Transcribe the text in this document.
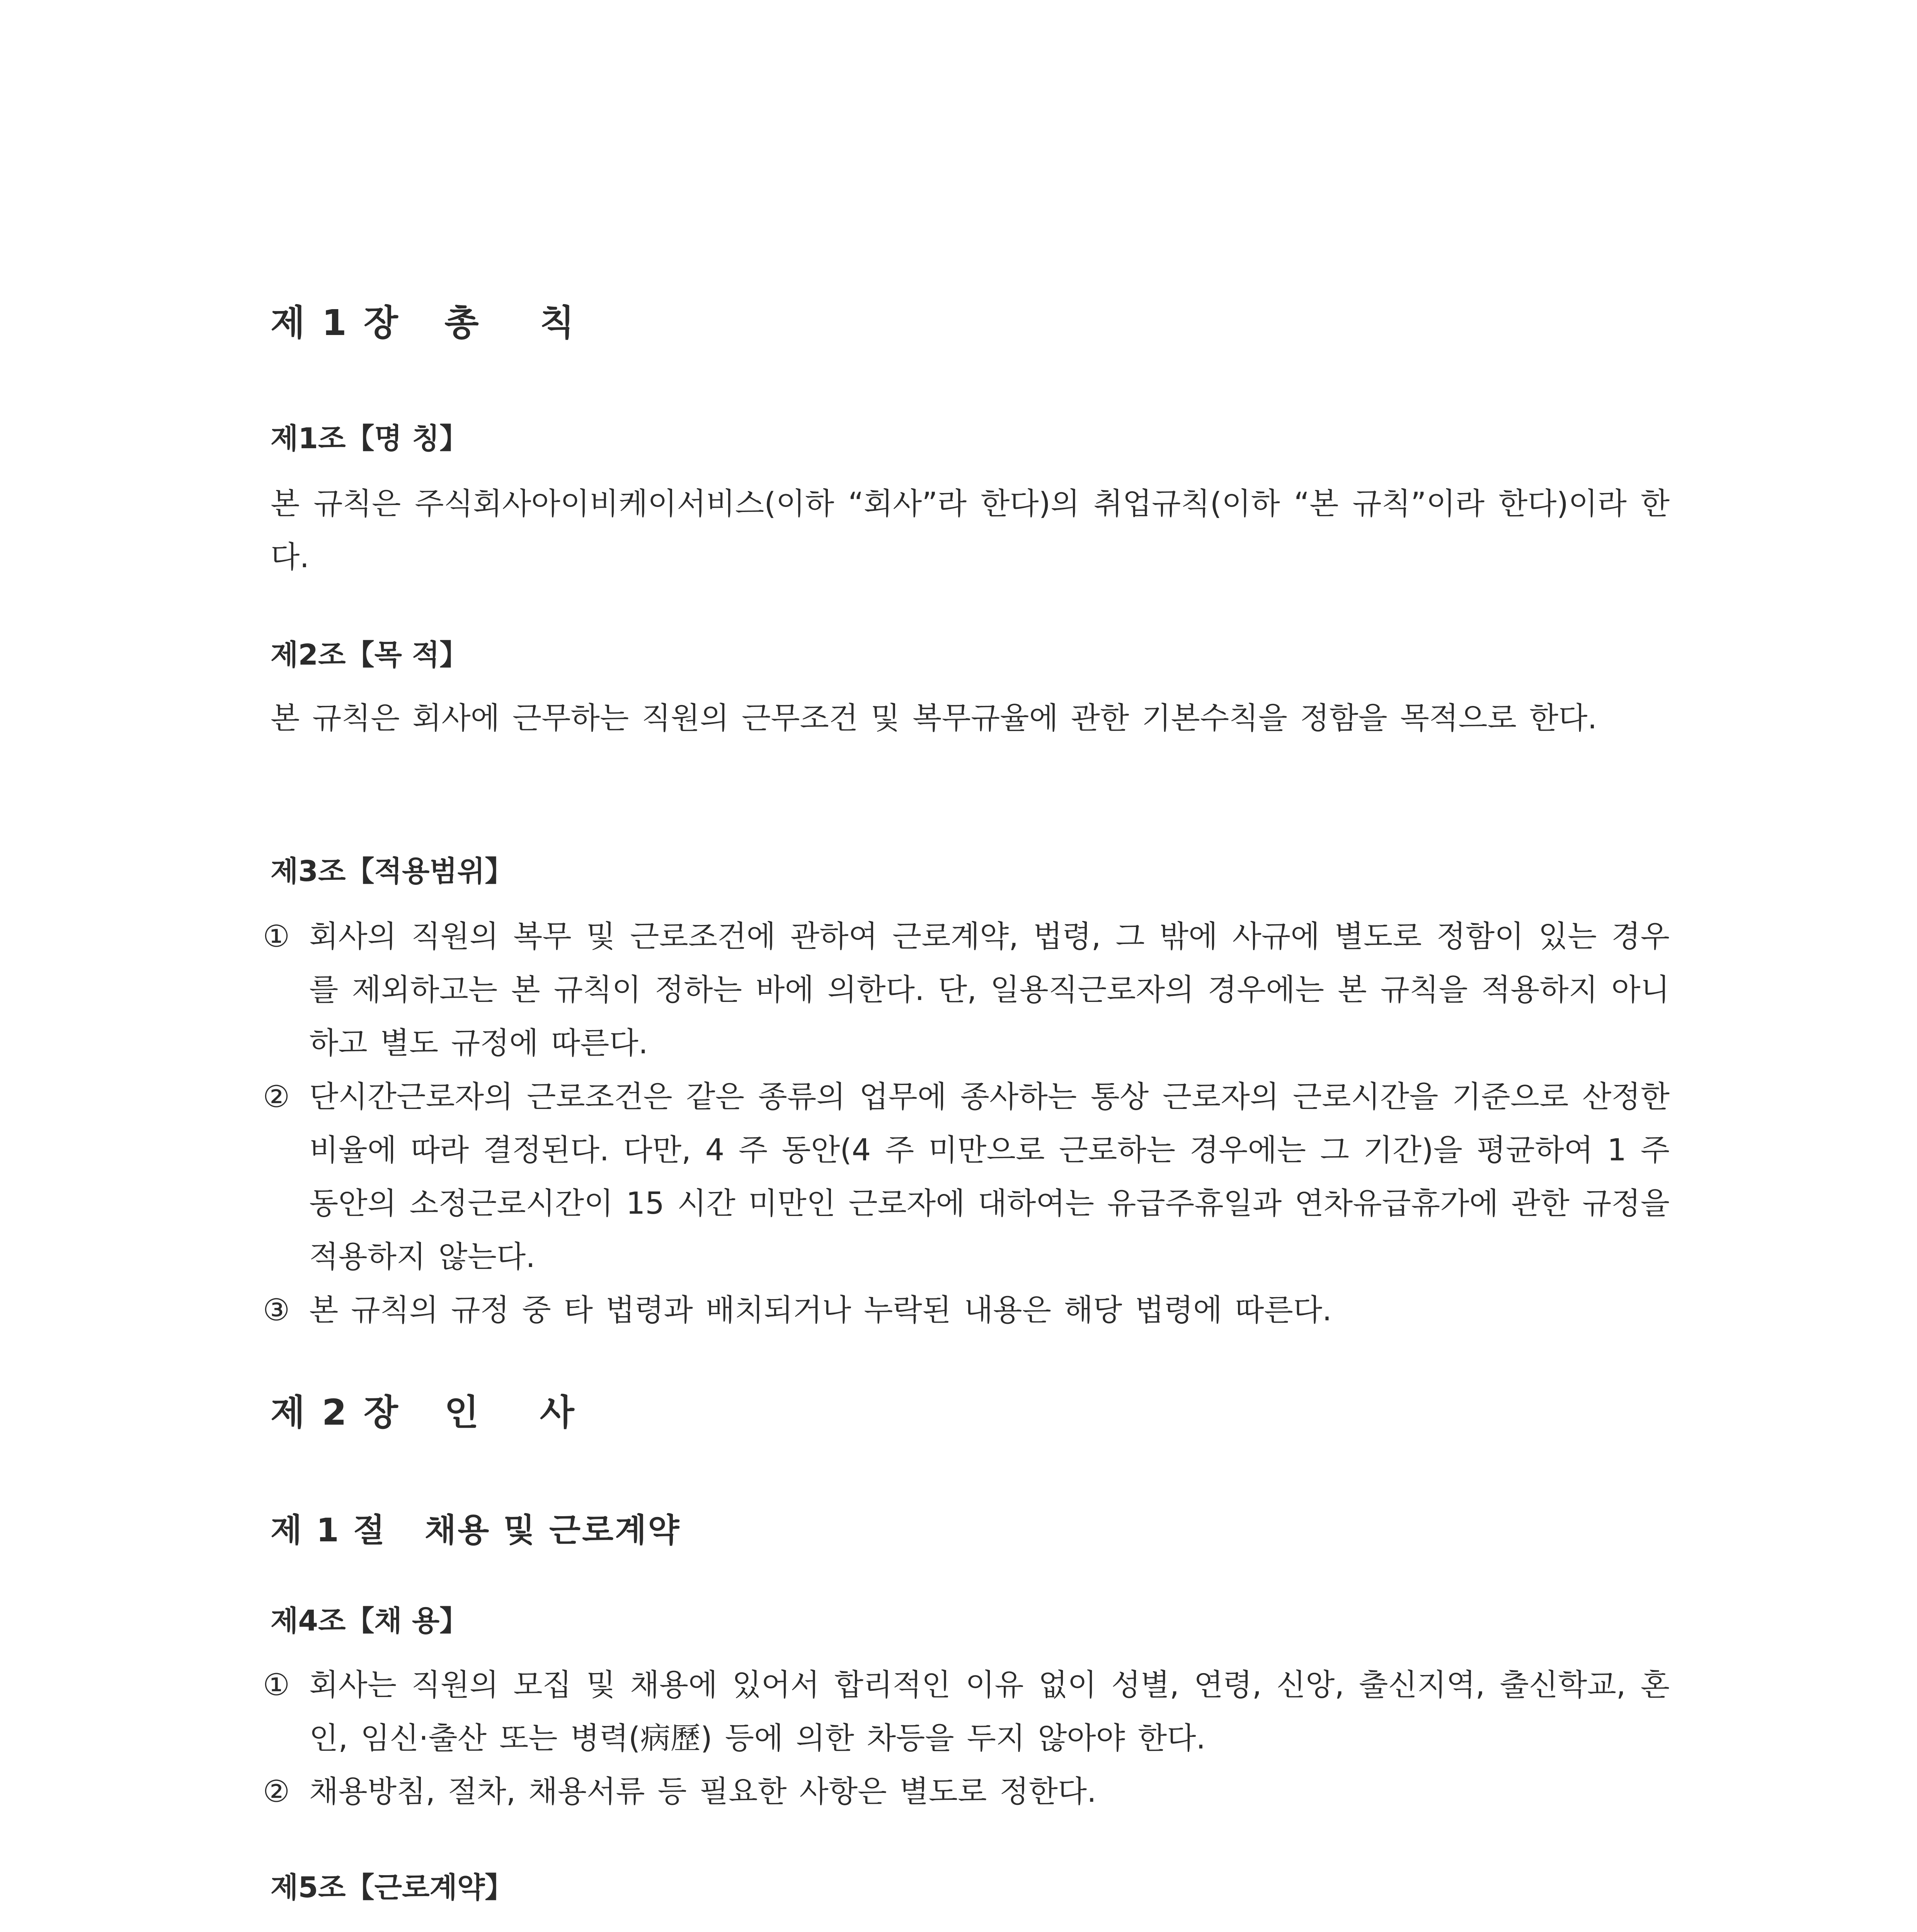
제 1 장   총    칙
제1조【명 칭】

본 규칙은 주식회사아이비케이서비스(이하 “회사”라 한다)의 취업규칙(이하 “본 규칙”이라 한다)이라 한다.

제2조【목 적】

본 규칙은 회사에 근무하는 직원의 근무조건 및 복무규율에 관한 기본수칙을 정함을 목적으로 한다.

제3조【적용범위】

① 회사의 직원의 복무 및 근로조건에 관하여 근로계약, 법령, 그 밖에 사규에 별도로 정함이 있는 경우를 제외하고는 본 규칙이 정하는 바에 의한다. 단, 일용직근로자의 경우에는 본 규칙을 적용하지 아니하고 별도 규정에 따른다.

② 단시간근로자의 근로조건은 같은 종류의 업무에 종사하는 통상 근로자의 근로시간을 기준으로 산정한 비율에 따라 결정된다. 다만, 4 주 동안(4 주 미만으로 근로하는 경우에는 그 기간)을 평균하여 1 주 동안의 소정근로시간이 15 시간 미만인 근로자에 대하여는 유급주휴일과 연차유급휴가에 관한 규정을 적용하지 않는다.

③ 본 규칙의 규정 중 타 법령과 배치되거나 누락된 내용은 해당 법령에 따른다.

제 2 장   인    사
제 1 절   채용 및 근로계약
제4조【채 용】

① 회사는 직원의 모집 및 채용에 있어서 합리적인 이유 없이 성별, 연령, 신앙, 출신지역, 출신학교, 혼인, 임신·출산 또는 병력(病歷) 등에 의한 차등을 두지 않아야 한다.

② 채용방침, 절차, 채용서류 등 필요한 사항은 별도로 정한다.

제5조【근로계약】
